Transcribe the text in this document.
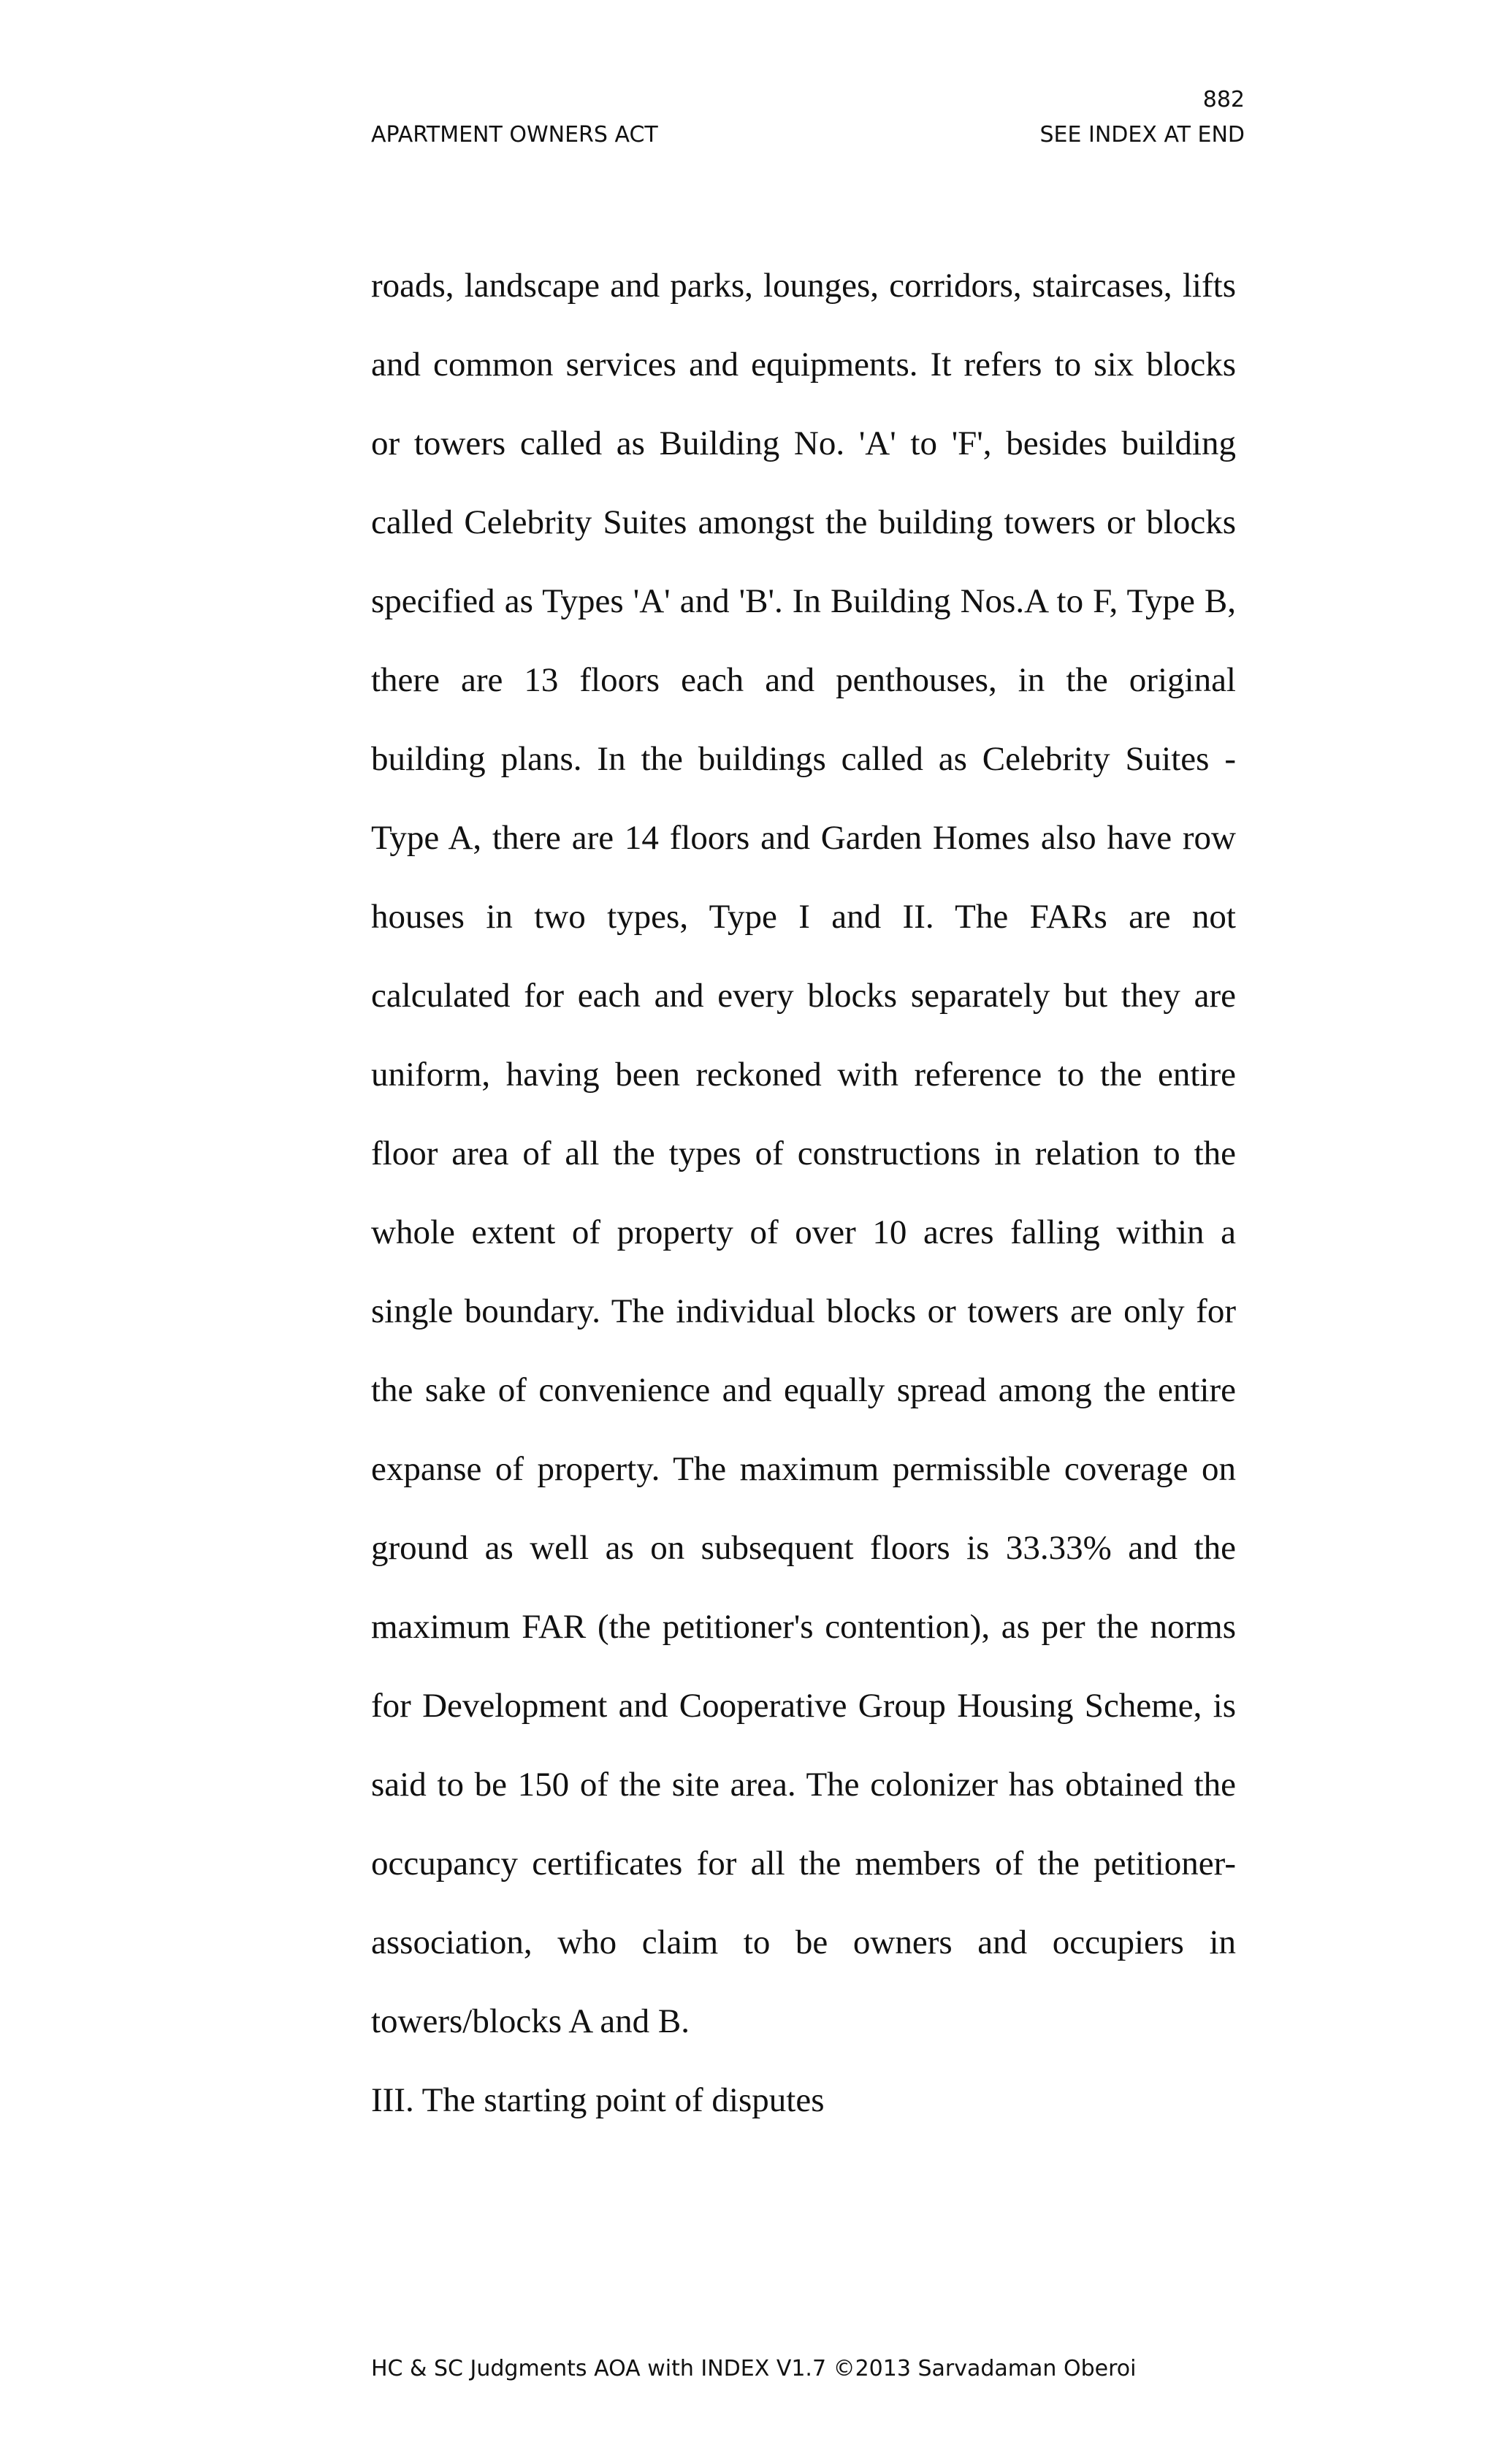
882
APARTMENT OWNERS ACT	SEE INDEX AT END
roads, landscape and parks, lounges, corridors, staircases, lifts
and common services and equipments. It refers to six blocks
or towers called as Building No. 'A' to 'F', besides building
called Celebrity Suites amongst the building towers or blocks
specified as Types 'A' and 'B'. In Building Nos.A to F, Type B,
there are 13 floors each and penthouses, in the original
building plans. In the buildings called as Celebrity Suites -
Type A, there are 14 floors and Garden Homes also have row
houses in two types, Type I and II. The FARs are not
calculated for each and every blocks separately but they are
uniform, having been reckoned with reference to the entire
floor area of all the types of constructions in relation to the
whole extent of property of over 10 acres falling within a
single boundary. The individual blocks or towers are only for
the sake of convenience and equally spread among the entire
expanse of property. The maximum permissible coverage on
ground as well as on subsequent floors is 33.33% and the
maximum FAR (the petitioner's contention), as per the norms
for Development and Cooperative Group Housing Scheme, is
said to be 150 of the site area. The colonizer has obtained the
occupancy certificates for all the members of the petitioner-
association, who claim to be owners and occupiers in
towers/blocks A and B.
III. The starting point of disputes
HC & SC Judgments AOA with INDEX V1.7 ©2013 Sarvadaman Oberoi
